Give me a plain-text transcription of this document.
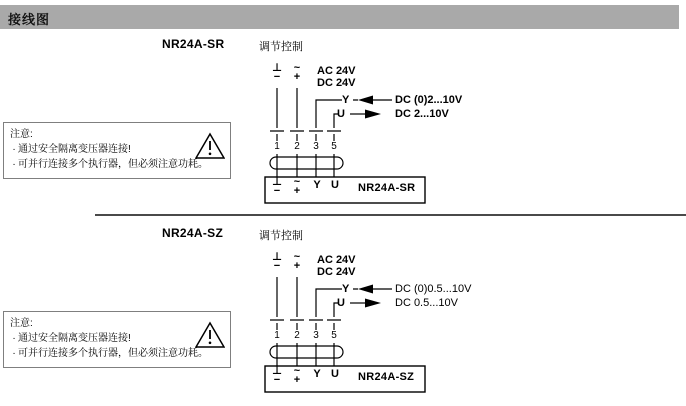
接线图
NR24A-SR	调节控制
AC 24V
DC 24V
⊥
−
~
+
Y
U
DC (0)2...10V
DC 2...10V
1	2	3	5
⊥
−
~
+	Y U NR24A-SR
注意:
· 通过安全隔离变压器连接!
· 可并行连接多个执行器，但必须注意功耗。
NR24A-SZ	调节控制
AC 24V
DC 24V
⊥
−
~
+
Y
U
DC (0)0.5...10V
DC 0.5...10V
1	2	3	5
⊥
−
~
+	Y U NR24A-SZ
注意:
· 通过安全隔离变压器连接!
· 可并行连接多个执行器，但必须注意功耗。
